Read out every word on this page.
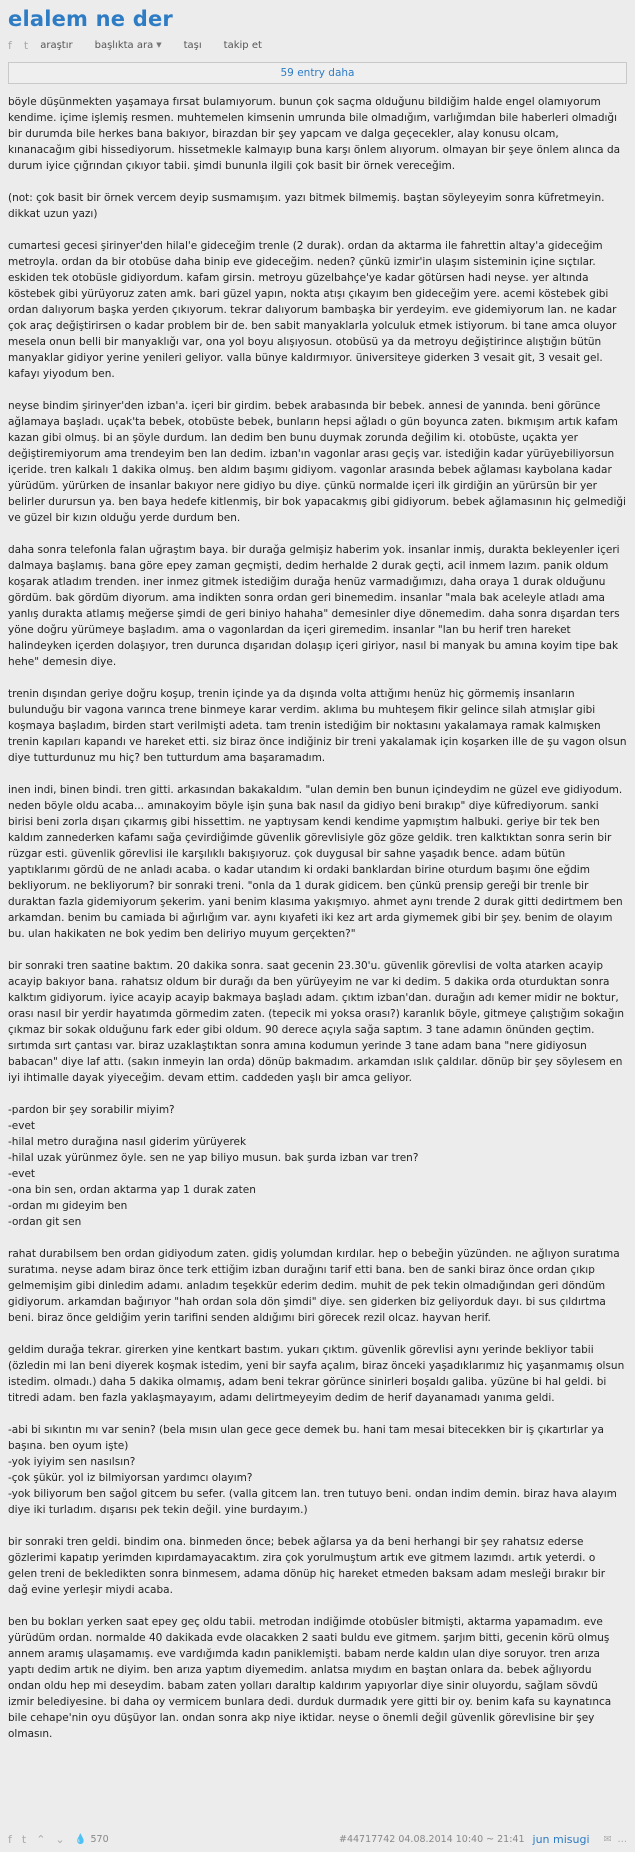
elalem ne der
f t araştır başlıkta ara ▼ taşı takip et
59 entry daha

böyle düşünmekten yaşamaya fırsat bulamıyorum. bunun çok saçma olduğunu bildiğim halde engel olamıyorum kendime. içime işlemiş resmen. muhtemelen kimsenin umrunda bile olmadığım, varlığımdan bile haberleri olmadığı bir durumda bile herkes bana bakıyor, birazdan bir şey yapcam ve dalga geçecekler, alay konusu olcam, kınanacağım gibi hissediyorum. hissetmekle kalmayıp buna karşı önlem alıyorum. olmayan bir şeye önlem alınca da durum iyice çığrından çıkıyor tabii. şimdi bununla ilgili çok basit bir örnek vereceğim.

(not: çok basit bir örnek vercem deyip susmamışım. yazı bitmek bilmemiş. baştan söyleyeyim sonra küfretmeyin. dikkat uzun yazı)

cumartesi gecesi şirinyer'den hilal'e gideceğim trenle (2 durak). ordan da aktarma ile fahrettin altay'a gideceğim metroyla. ordan da bir otobüse daha binip eve gideceğim. neden? çünkü izmir'in ulaşım sisteminin içine sıçtılar. eskiden tek otobüsle gidiyordum. kafam girsin. metroyu güzelbahçe'ye kadar götürsen hadi neyse. yer altında köstebek gibi yürüyoruz zaten amk. bari güzel yapın, nokta atışı çıkayım ben gideceğim yere. acemi köstebek gibi ordan dalıyorum başka yerden çıkıyorum. tekrar dalıyorum bambaşka bir yerdeyim. eve gidemiyorum lan. ne kadar çok araç değiştirirsen o kadar problem bir de. ben sabit manyaklarla yolculuk etmek istiyorum. bi tane amca oluyor mesela onun belli bir manyaklığı var, ona yol boyu alışıyosun. otobüsü ya da metroyu değiştirince alıştığın bütün manyaklar gidiyor yerine yenileri geliyor. valla bünye kaldırmıyor. üniversiteye giderken 3 vesait git, 3 vesait gel. kafayı yiyodum ben.

neyse bindim şirinyer'den izban'a. içeri bir girdim. bebek arabasında bir bebek. annesi de yanında. beni görünce ağlamaya başladı. uçak'ta bebek, otobüste bebek, bunların hepsi ağladı o gün boyunca zaten. bıkmışım artık kafam kazan gibi olmuş. bi an şöyle durdum. lan dedim ben bunu duymak zorunda değilim ki. otobüste, uçakta yer değiştiremiyorum ama trendeyim ben lan dedim. izban'ın vagonlar arası geçiş var. istediğin kadar yürüyebiliyorsun içeride. tren kalkalı 1 dakika olmuş. ben aldım başımı gidiyom. vagonlar arasında bebek ağlaması kaybolana kadar yürüdüm. yürürken de insanlar bakıyor nere gidiyo bu diye. çünkü normalde içeri ilk girdiğin an yürürsün bir yer belirler durursun ya. ben baya hedefe kitlenmiş, bir bok yapacakmış gibi gidiyorum. bebek ağlamasının hiç gelmediği ve güzel bir kızın olduğu yerde durdum ben.

daha sonra telefonla falan uğraştım baya. bir durağa gelmişiz haberim yok. insanlar inmiş, durakta bekleyenler içeri dalmaya başlamış. bana göre epey zaman geçmişti, dedim herhalde 2 durak geçti, acil inmem lazım. panik oldum koşarak atladım trenden. iner inmez gitmek istediğim durağa henüz varmadığımızı, daha oraya 1 durak olduğunu gördüm. bak gördüm diyorum. ama indikten sonra ordan geri binemedim. insanlar "mala bak aceleyle atladı ama yanlış durakta atlamış meğerse şimdi de geri biniyo hahaha" demesinler diye dönemedim. daha sonra dışardan ters yöne doğru yürümeye başladım. ama o vagonlardan da içeri giremedim. insanlar "lan bu herif tren hareket halindeyken içerden dolaşıyor, tren durunca dışarıdan dolaşıp içeri giriyor, nasıl bi manyak bu amına koyim tipe bak hehe" demesin diye.

trenin dışından geriye doğru koşup, trenin içinde ya da dışında volta attığımı henüz hiç görmemiş insanların bulunduğu bir vagona varınca trene binmeye karar verdim. aklıma bu muhteşem fikir gelince silah atmışlar gibi koşmaya başladım, birden start verilmişti adeta. tam trenin istediğim bir noktasını yakalamaya ramak kalmışken trenin kapıları kapandı ve hareket etti. siz biraz önce indiğiniz bir treni yakalamak için koşarken ille de şu vagon olsun diye tutturdunuz mu hiç? ben tutturdum ama başaramadım.

inen indi, binen bindi. tren gitti. arkasından bakakaldım. "ulan demin ben bunun içindeydim ne güzel eve gidiyodum. neden böyle oldu acaba... amınakoyim böyle işin şuna bak nasıl da gidiyo beni bırakıp" diye küfrediyorum. sanki birisi beni zorla dışarı çıkarmış gibi hissettim. ne yaptıysam kendi kendime yapmıştım halbuki. geriye bir tek ben kaldım zannederken kafamı sağa çevirdiğimde güvenlik görevlisiyle göz göze geldik. tren kalktıktan sonra serin bir rüzgar esti. güvenlik görevlisi ile karşılıklı bakışıyoruz. çok duygusal bir sahne yaşadık bence. adam bütün yaptıklarımı gördü de ne anladı acaba. o kadar utandım ki ordaki banklardan birine oturdum başımı öne eğdim bekliyorum. ne bekliyorum? bir sonraki treni. "onla da 1 durak gidicem. ben çünkü prensip gereği bir trenle bir duraktan fazla gidemiyorum şekerim. yani benim klasıma yakışmıyo. ahmet aynı trende 2 durak gitti dedirtmem ben arkamdan. benim bu camiada bi ağırlığım var. aynı kıyafeti iki kez art arda giymemek gibi bir şey. benim de olayım bu. ulan hakikaten ne bok yedim ben deliriyo muyum gerçekten?"

bir sonraki tren saatine baktım. 20 dakika sonra. saat gecenin 23.30'u. güvenlik görevlisi de volta atarken acayip acayip bakıyor bana. rahatsız oldum bir durağı da ben yürüyeyim ne var ki dedim. 5 dakika orda oturduktan sonra kalktım gidiyorum. iyice acayip acayip bakmaya başladı adam. çıktım izban'dan. durağın adı kemer midir ne boktur, orası nasıl bir yerdir hayatımda görmedim zaten. (tepecik mi yoksa orası?) karanlık böyle, gitmeye çalıştığım sokağın çıkmaz bir sokak olduğunu fark eder gibi oldum. 90 derece açıyla sağa saptım. 3 tane adamın önünden geçtim. sırtımda sırt çantası var. biraz uzaklaştıktan sonra amına kodumun yerinde 3 tane adam bana "nere gidiyosun babacan" diye laf attı. (sakın inmeyin lan orda) dönüp bakmadım. arkamdan ıslık çaldılar. dönüp bir şey söylesem en iyi ihtimalle dayak yiyeceğim. devam ettim. caddeden yaşlı bir amca geliyor.

-pardon bir şey sorabilir miyim?
-evet
-hilal metro durağına nasıl giderim yürüyerek
-hilal uzak yürünmez öyle. sen ne yap biliyo musun. bak şurda izban var tren?
-evet
-ona bin sen, ordan aktarma yap 1 durak zaten
-ordan mı gideyim ben
-ordan git sen

rahat durabilsem ben ordan gidiyodum zaten. gidiş yolumdan kırdılar. hep o bebeğin yüzünden. ne ağlıyon suratıma suratıma. neyse adam biraz önce terk ettiğim izban durağını tarif etti bana. ben de sanki biraz önce ordan çıkıp gelmemişim gibi dinledim adamı. anladım teşekkür ederim dedim. muhit de pek tekin olmadığından geri döndüm gidiyorum. arkamdan bağırıyor "hah ordan sola dön şimdi" diye. sen giderken biz geliyorduk dayı. bi sus çıldırtma beni. biraz önce geldiğim yerin tarifini senden aldığımı biri görecek rezil olcaz. hayvan herif.

geldim durağa tekrar. girerken yine kentkart bastım. yukarı çıktım. güvenlik görevlisi aynı yerinde bekliyor tabii (özledin mi lan beni diyerek koşmak istedim, yeni bir sayfa açalım, biraz önceki yaşadıklarımız hiç yaşanmamış olsun istedim. olmadı.) daha 5 dakika olmamış, adam beni tekrar görünce sinirleri boşaldı galiba. yüzüne bi hal geldi. bi titredi adam. ben fazla yaklaşmayayım, adamı delirtmeyeyim dedim de herif dayanamadı yanıma geldi.

-abi bi sıkıntın mı var senin? (bela mısın ulan gece gece demek bu. hani tam mesai bitecekken bir iş çıkartırlar ya başına. ben oyum işte)
-yok iyiyim sen nasılsın?
-çok şükür. yol iz bilmiyorsan yardımcı olayım?
-yok biliyorum ben sağol gitcem bu sefer. (valla gitcem lan. tren tutuyo beni. ondan indim demin. biraz hava alayım diye iki turladım. dışarısı pek tekin değil. yine burdayım.)

bir sonraki tren geldi. bindim ona. binmeden önce; bebek ağlarsa ya da beni herhangi bir şey rahatsız ederse gözlerimi kapatıp yerimden kıpırdamayacaktım. zira çok yorulmuştum artık eve gitmem lazımdı. artık yeterdi. o gelen treni de bekledikten sonra binmesem, adama dönüp hiç hareket etmeden baksam adam mesleği bırakır bir dağ evine yerleşir miydi acaba.

ben bu bokları yerken saat epey geç oldu tabii. metrodan indiğimde otobüsler bitmişti, aktarma yapamadım. eve yürüdüm ordan. normalde 40 dakikada evde olacakken 2 saati buldu eve gitmem. şarjım bitti, gecenin körü olmuş annem aramış ulaşamamış. eve vardığımda kadın paniklemişti. babam nerde kaldın ulan diye soruyor. tren arıza yaptı dedim artık ne diyim. ben arıza yaptım diyemedim. anlatsa mıydım en baştan onlara da. bebek ağlıyordu ondan oldu hep mi deseydim. babam zaten yolları daraltıp kaldırım yapıyorlar diye sinir oluyordu, sağlam sövdü izmir belediyesine. bi daha oy vermicem bunlara dedi. durduk durmadık yere gitti bir oy. benim kafa su kaynatınca bile cehape'nin oyu düşüyor lan. ondan sonra akp niye iktidar. neyse o önemli değil güvenlik görevlisine bir şey olmasın.

f t ⌃ ⌄ 💧 570	#44717742 04.08.2014 10:40 ~ 21:41 jun misugi ✉ …
